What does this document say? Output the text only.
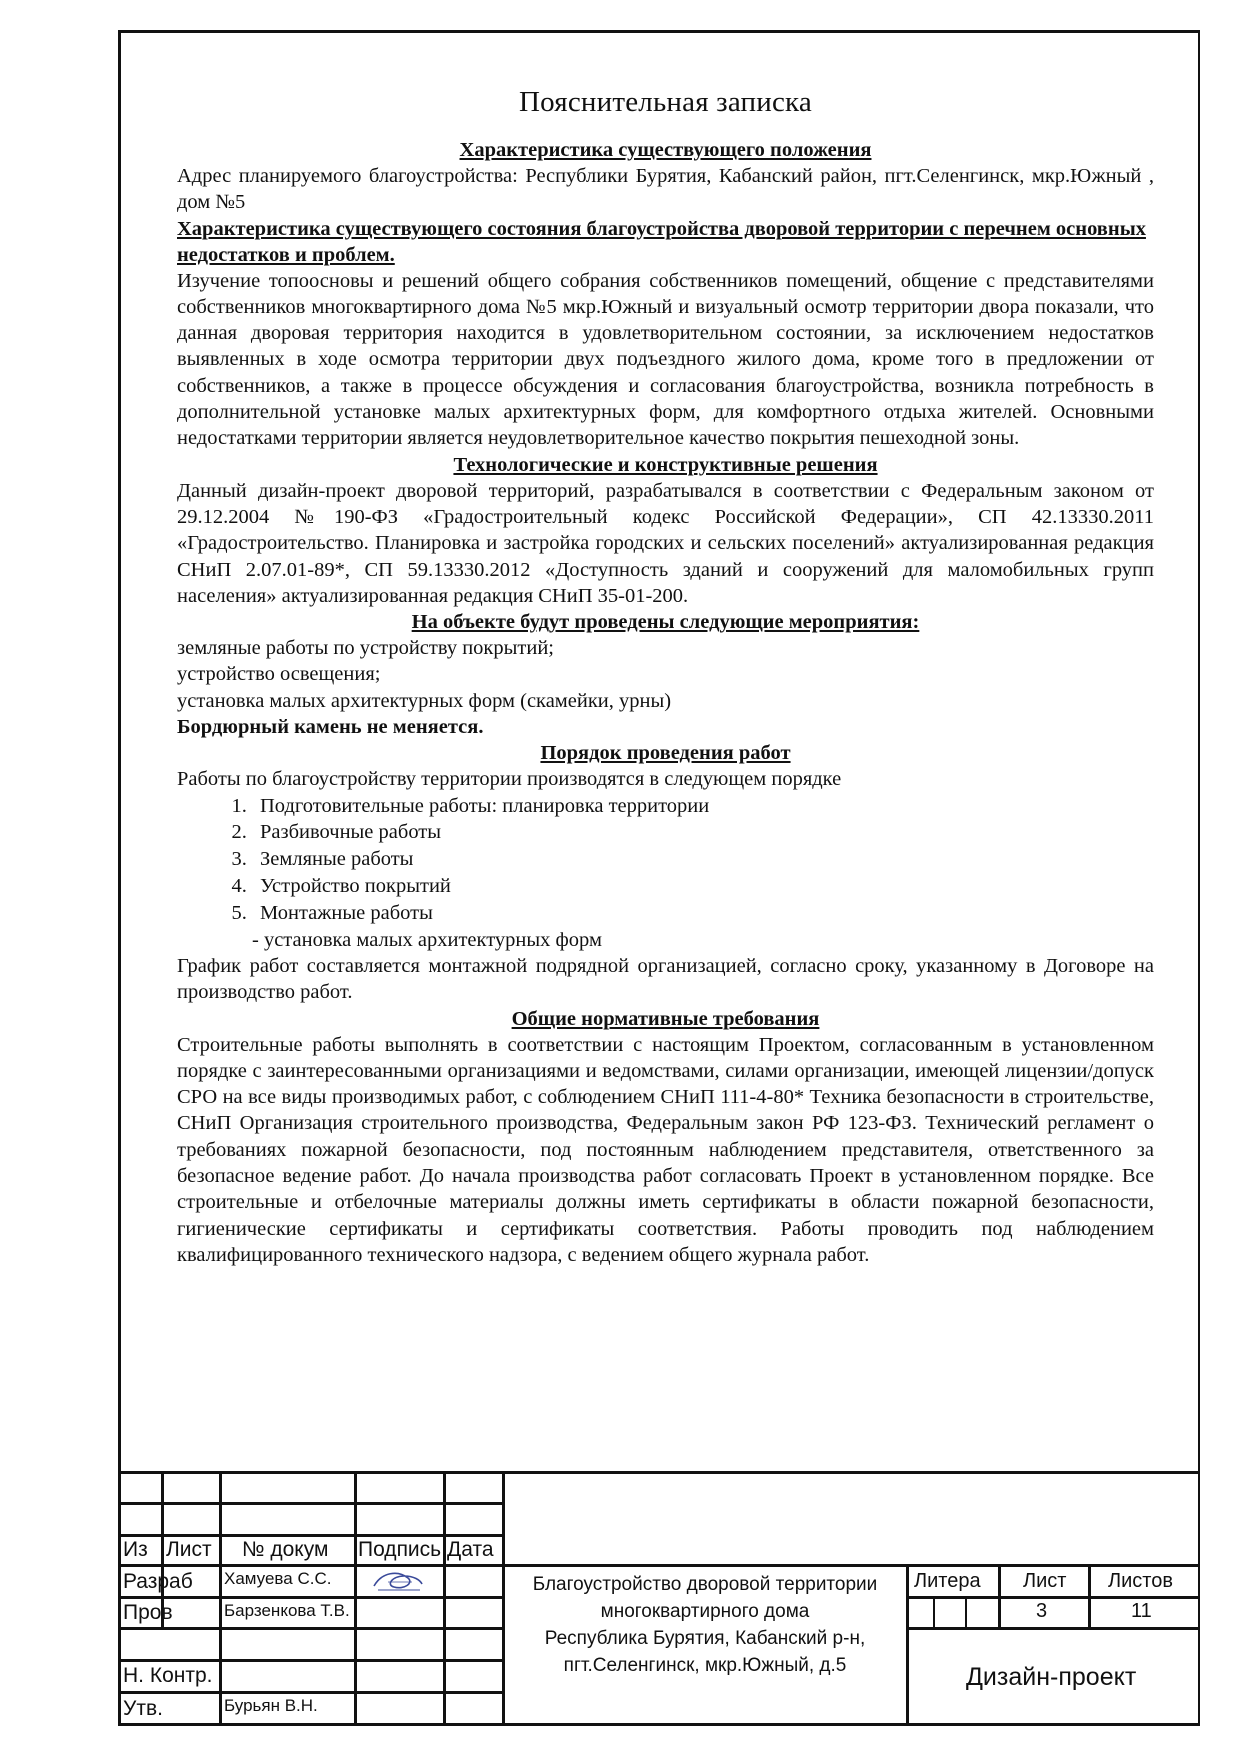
Пояснительная записка
Характеристика существующего положения
Адрес планируемого благоустройства: Республики Бурятия, Кабанский район, пгт.Селенгинск, мкр.Южный , дом №5
Характеристика существующего состояния благоустройства дворовой территории с перечнем основных недостатков и проблем.
Изучение топоосновы и решений общего собрания собственников помещений, общение с представителями собственников многоквартирного дома №5 мкр.Южный и визуальный осмотр территории двора показали, что данная дворовая территория находится в удовлетворительном состоянии, за исключением недостатков выявленных в ходе осмотра территории двух подъездного жилого дома, кроме того в предложении от собственников, а также в процессе обсуждения и согласования благоустройства, возникла потребность в дополнительной установке малых архитектурных форм, для комфортного отдыха жителей. Основными недостатками территории является неудовлетворительное качество покрытия пешеходной зоны.
Технологические и конструктивные решения
Данный дизайн-проект дворовой территорий, разрабатывался в соответствии с Федеральным законом от 29.12.2004 №190-ФЗ «Градостроительный кодекс Российской Федерации», СП 42.13330.2011 «Градостроительство. Планировка и застройка городских и сельских поселений» актуализированная редакция СНиП 2.07.01-89*, СП 59.13330.2012 «Доступность зданий и сооружений для маломобильных групп населения» актуализированная редакция СНиП 35-01-200.
На объекте будут проведены следующие мероприятия:
земляные работы по устройству покрытий;
устройство освещения;
установка малых архитектурных форм (скамейки, урны)
Бордюрный камень не меняется.
Порядок проведения работ
Работы по благоустройству территории производятся в следующем порядке
1. Подготовительные работы: планировка территории
2. Разбивочные работы
3. Земляные работы
4. Устройство покрытий
5. Монтажные работы
- установка малых архитектурных форм
График работ составляется монтажной подрядной организацией, согласно сроку, указанному в Договоре на производство работ.
Общие нормативные требования
Строительные работы выполнять в соответствии с настоящим Проектом, согласованным в установленном порядке с заинтересованными организациями и ведомствами, силами организации, имеющей лицензии/допуск СРО на все виды производимых работ, с соблюдением СНиП 111-4-80* Техника безопасности в строительстве, СНиП Организация строительного производства, Федеральным закон РФ 123-ФЗ. Технический регламент о требованиях пожарной безопасности, под постоянным наблюдением представителя, ответственного за безопасное ведение работ. До начала производства работ согласовать Проект в установленном порядке. Все строительные и отбелочные материалы должны иметь сертификаты в области пожарной безопасности, гигиенические сертификаты и сертификаты соответствия. Работы проводить под наблюдением квалифицированного технического надзора, с ведением общего журнала работ.
Из Лист № докум Подпись Дата
Разраб
Пров
Н. Контр.
Утв.
Хамуева С.С.
Барзенкова Т.В.
Бурьян В.Н.
Благоустройство дворовой территории
многоквартирного дома
Республика Бурятия, Кабанский р-н,
пгт.Селенгинск, мкр.Южный, д.5
Литера Лист Листов
3	11
Дизайн-проект
